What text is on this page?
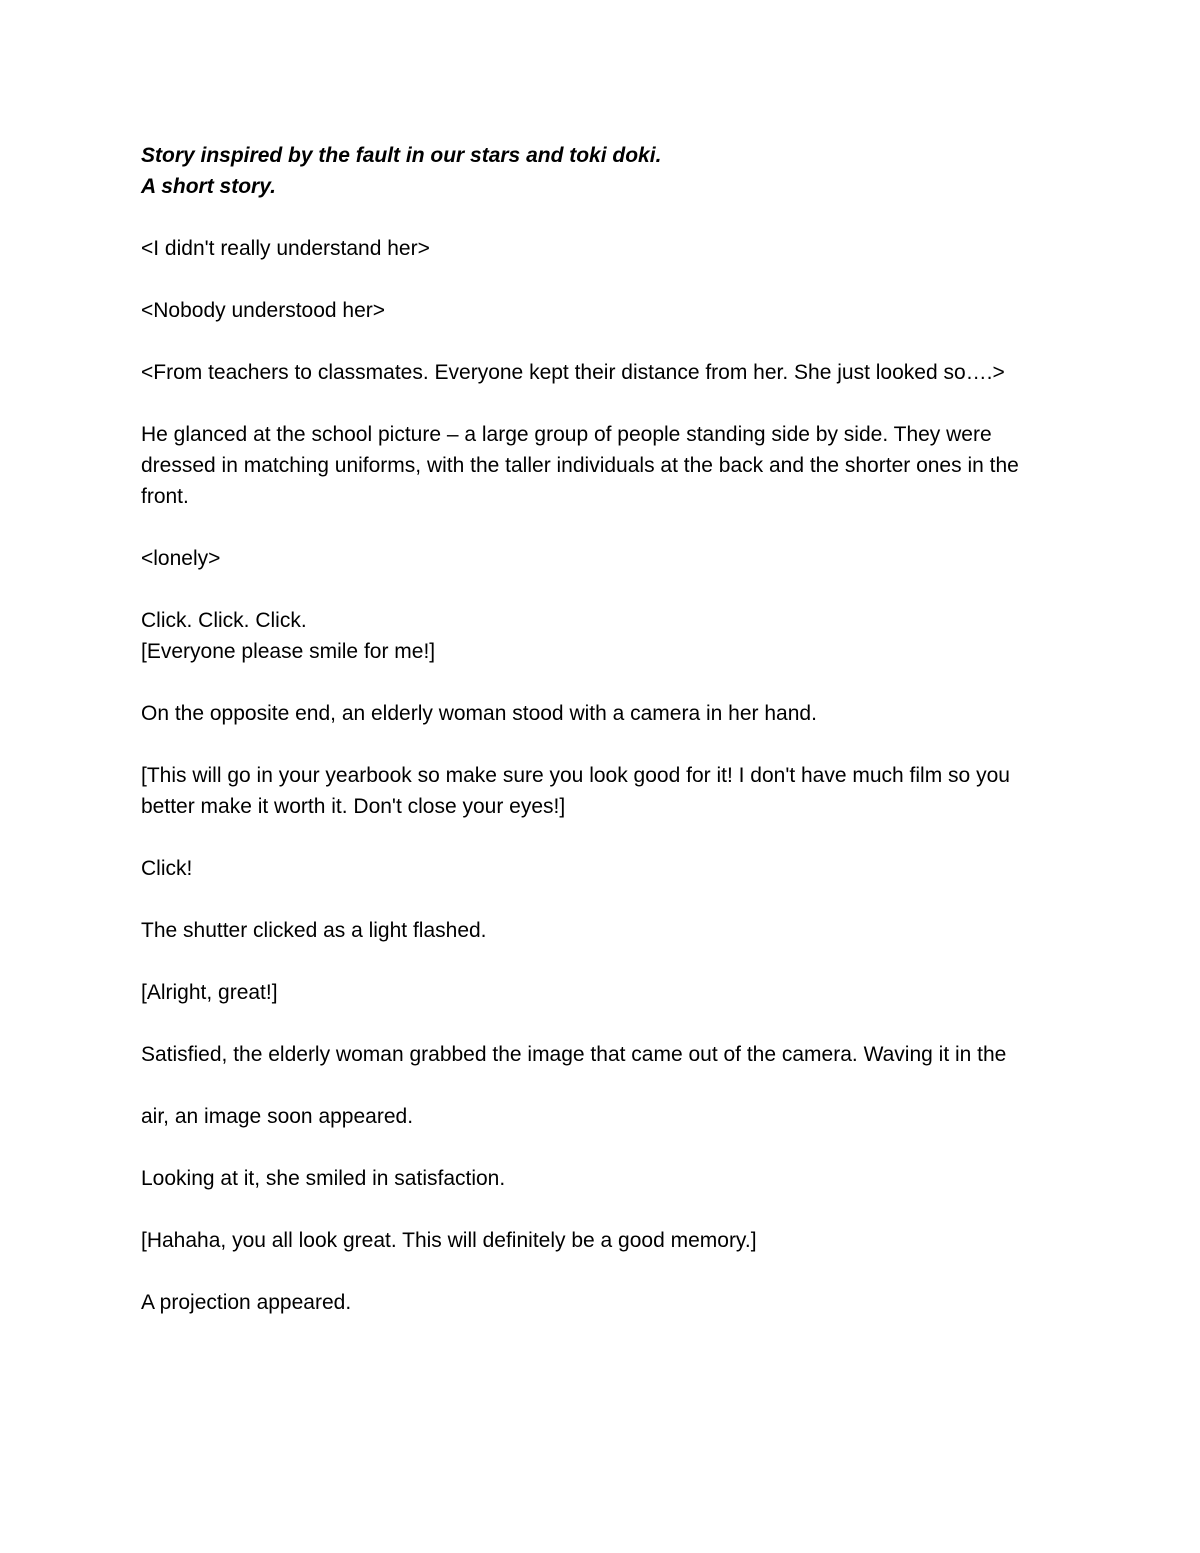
Story inspired by the fault in our stars and toki doki.
A short story.

<I didn't really understand her>

<Nobody understood her>

<From teachers to classmates. Everyone kept their distance from her. She just looked so….>

He glanced at the school picture – a large group of people standing side by side. They were dressed in matching uniforms, with the taller individuals at the back and the shorter ones in the front.

<lonely>

Click. Click. Click.
[Everyone please smile for me!]

On the opposite end, an elderly woman stood with a camera in her hand.

[This will go in your yearbook so make sure you look good for it! I don't have much film so you better make it worth it. Don't close your eyes!]

Click!

The shutter clicked as a light flashed.

[Alright, great!]

Satisfied, the elderly woman grabbed the image that came out of the camera. Waving it in the

air, an image soon appeared.

Looking at it, she smiled in satisfaction.

[Hahaha, you all look great. This will definitely be a good memory.]

A projection appeared.
